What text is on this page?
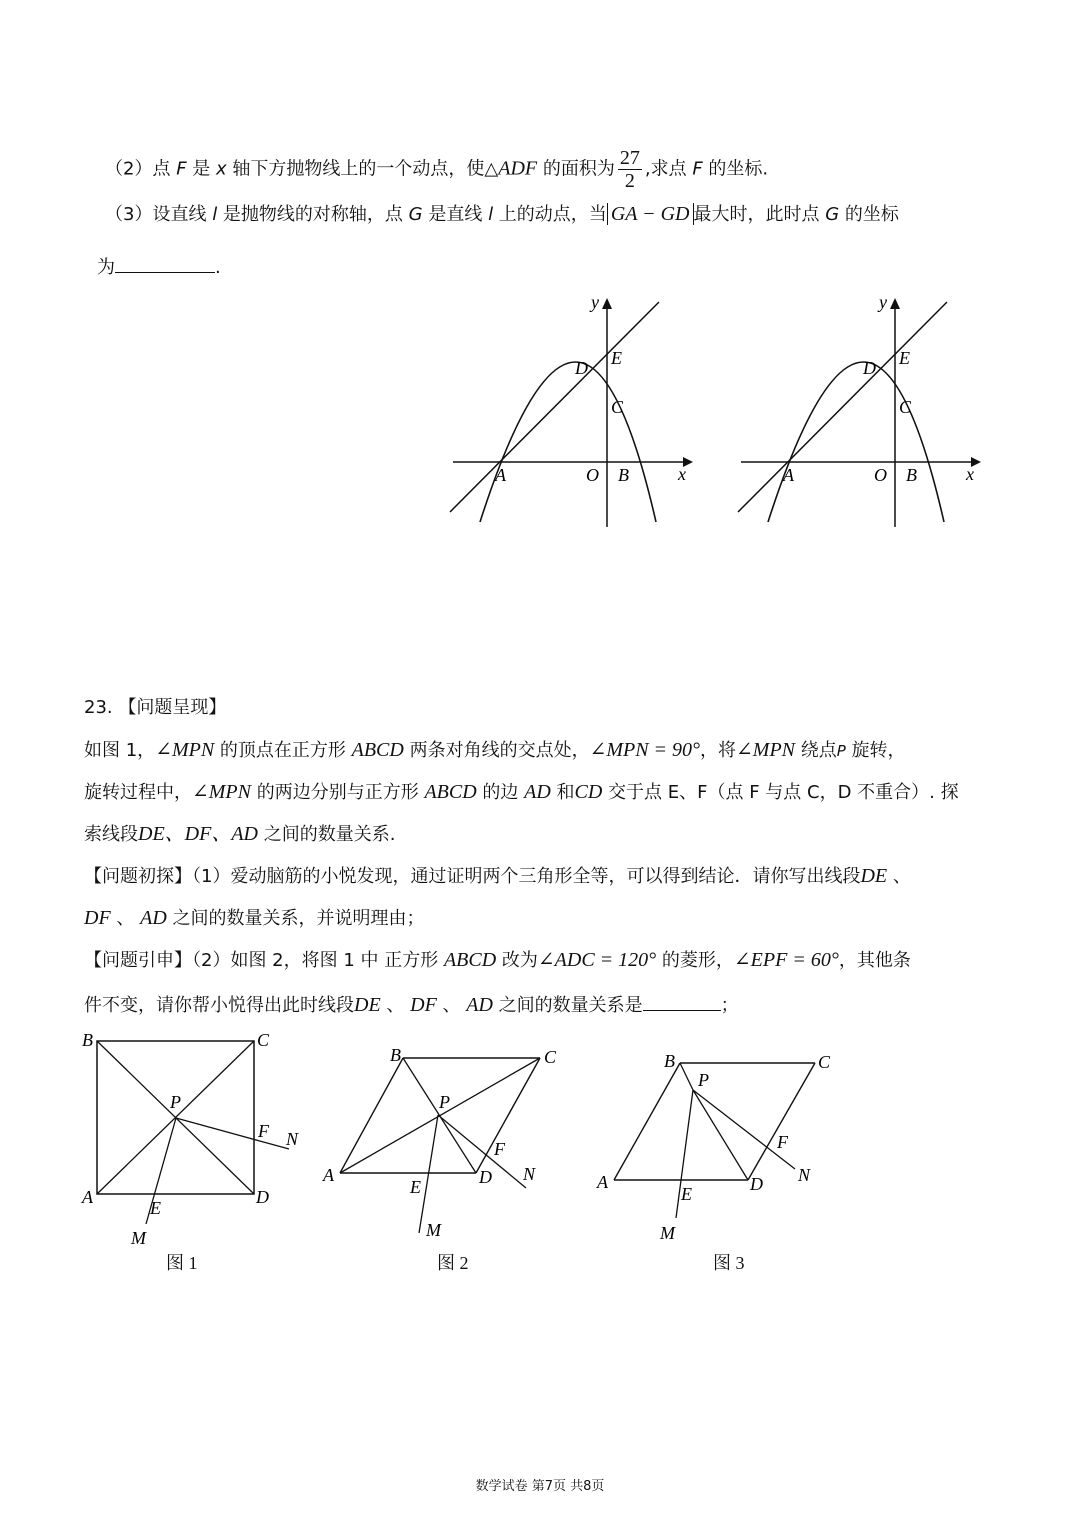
（2）点 F 是 x 轴下方抛物线上的一个动点，使△ADF 的面积为 $\frac{27}{2}$ ,求点 F 的坐标.
（3）设直线 l 是抛物线的对称轴，点 G 是直线 l 上的动点，当 GA − GD 最大时，此时点 G 的坐标
为	.
y
x
O
A	B
C
D E
y
x
O
A	B
C
D E
23. 【问题呈现】
如图 1，∠MPN 的顶点在正方形 ABCD 两条对角线的交点处，∠MPN = 90°，将∠MPN 绕点P 旋转，
旋转过程中，∠MPN 的两边分别与正方形 ABCD 的边 AD 和CD 交于点 E、F（点 F 与点 C，D 不重合）. 探
索线段DE、DF、AD 之间的数量关系.
【问题初探】（1）爱动脑筋的小悦发现，通过证明两个三角形全等，可以得到结论．请你写出线段DE 、
DF 、 AD 之间的数量关系，并说明理由；
【问题引申】（2）如图 2，将图 1 中 正方形 ABCD 改为∠ADC = 120° 的菱形，∠EPF = 60°，其他条
件不变，请你帮小悦得出此时线段DE 、 DF 、 AD 之间的数量关系是	；
B	C
A	D
P
F N
E
M
B	C
A	D
P
F
N
E
M
B	C
A	D
P
F
N
E
M
图 1	图 2	图 3
数学试卷 第7页 共8页
